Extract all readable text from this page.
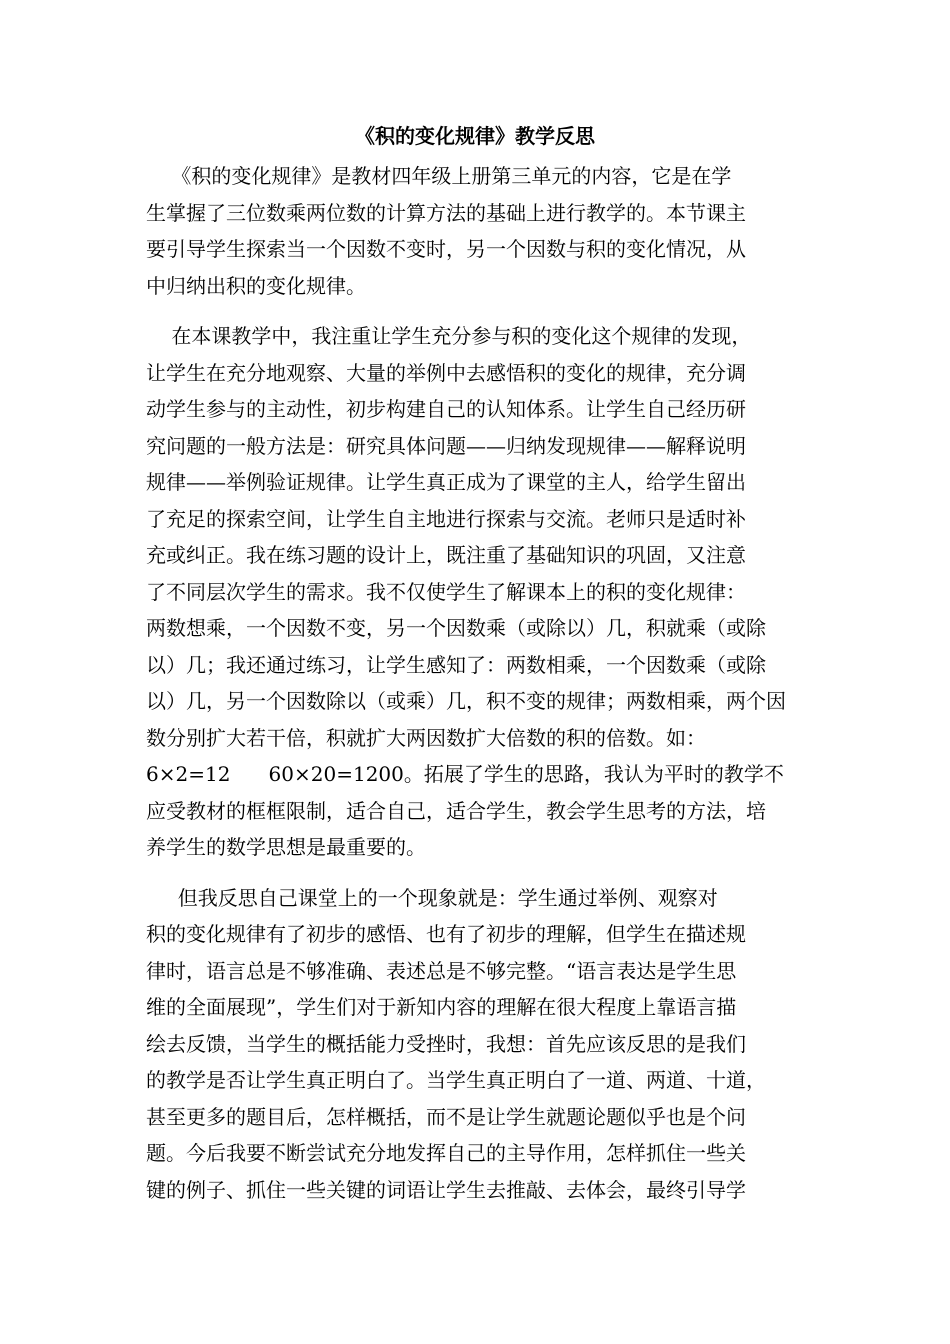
《积的变化规律》教学反思
《积的变化规律》是教材四年级上册第三单元的内容，它是在学
生掌握了三位数乘两位数的计算方法的基础上进行教学的。本节课主
要引导学生探索当一个因数不变时，另一个因数与积的变化情况，从
中归纳出积的变化规律。
在本课教学中，我注重让学生充分参与积的变化这个规律的发现，
让学生在充分地观察、大量的举例中去感悟积的变化的规律，充分调
动学生参与的主动性，初步构建自己的认知体系。让学生自己经历研
究问题的一般方法是：研究具体问题——归纳发现规律——解释说明
规律——举例验证规律。让学生真正成为了课堂的主人，给学生留出
了充足的探索空间，让学生自主地进行探索与交流。老师只是适时补
充或纠正。我在练习题的设计上，既注重了基础知识的巩固，又注意
了不同层次学生的需求。我不仅使学生了解课本上的积的变化规律：
两数想乘，一个因数不变，另一个因数乘（或除以）几，积就乘（或除
以）几；我还通过练习，让学生感知了：两数相乘，一个因数乘（或除
以）几，另一个因数除以（或乘）几，积不变的规律；两数相乘，两个因
数分别扩大若干倍，积就扩大两因数扩大倍数的积的倍数。如：
6×2=12      60×20=1200。拓展了学生的思路，我认为平时的教学不
应受教材的框框限制，适合自己，适合学生，教会学生思考的方法，培
养学生的数学思想是最重要的。
但我反思自己课堂上的一个现象就是：学生通过举例、观察对
积的变化规律有了初步的感悟、也有了初步的理解，但学生在描述规
律时，语言总是不够准确、表述总是不够完整。“语言表达是学生思
维的全面展现”，学生们对于新知内容的理解在很大程度上靠语言描
绘去反馈，当学生的概括能力受挫时，我想：首先应该反思的是我们
的教学是否让学生真正明白了。当学生真正明白了一道、两道、十道，
甚至更多的题目后，怎样概括，而不是让学生就题论题似乎也是个问
题。今后我要不断尝试充分地发挥自己的主导作用，怎样抓住一些关
键的例子、抓住一些关键的词语让学生去推敲、去体会，最终引导学
